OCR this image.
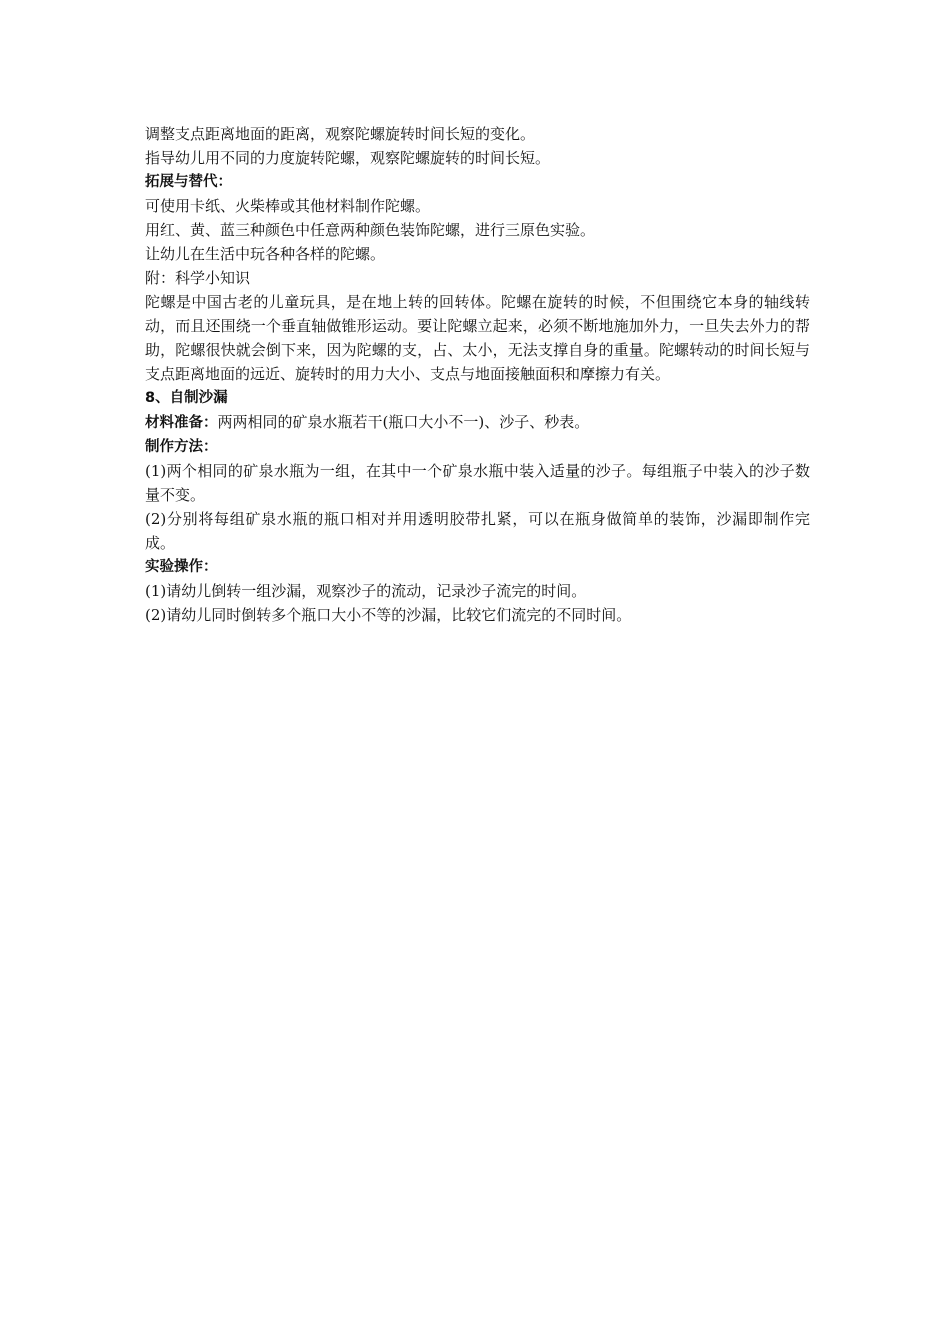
调整支点距离地面的距离，观察陀螺旋转时间长短的变化。

指导幼儿用不同的力度旋转陀螺，观察陀螺旋转的时间长短。

拓展与替代：

可使用卡纸、火柴棒或其他材料制作陀螺。

用红、黄、蓝三种颜色中任意两种颜色装饰陀螺，进行三原色实验。

让幼儿在生活中玩各种各样的陀螺。

附：科学小知识

陀螺是中国古老的儿童玩具，是在地上转的回转体。陀螺在旋转的时候，不但围绕它本身的轴线转动，而且还围绕一个垂直轴做锥形运动。要让陀螺立起来，必须不断地施加外力，一旦失去外力的帮助，陀螺很快就会倒下来，因为陀螺的支，占、太小，无法支撑自身的重量。陀螺转动的时间长短与支点距离地面的远近、旋转时的用力大小、支点与地面接触面积和摩擦力有关。

8、自制沙漏

材料准备：两两相同的矿泉水瓶若干(瓶口大小不一)、沙子、秒表。

制作方法：

(1)两个相同的矿泉水瓶为一组，在其中一个矿泉水瓶中装入适量的沙子。每组瓶子中装入的沙子数量不变。

(2)分别将每组矿泉水瓶的瓶口相对并用透明胶带扎紧，可以在瓶身做简单的装饰，沙漏即制作完成。

实验操作：

(1)请幼儿倒转一组沙漏，观察沙子的流动，记录沙子流完的时间。

(2)请幼儿同时倒转多个瓶口大小不等的沙漏，比较它们流完的不同时间。
